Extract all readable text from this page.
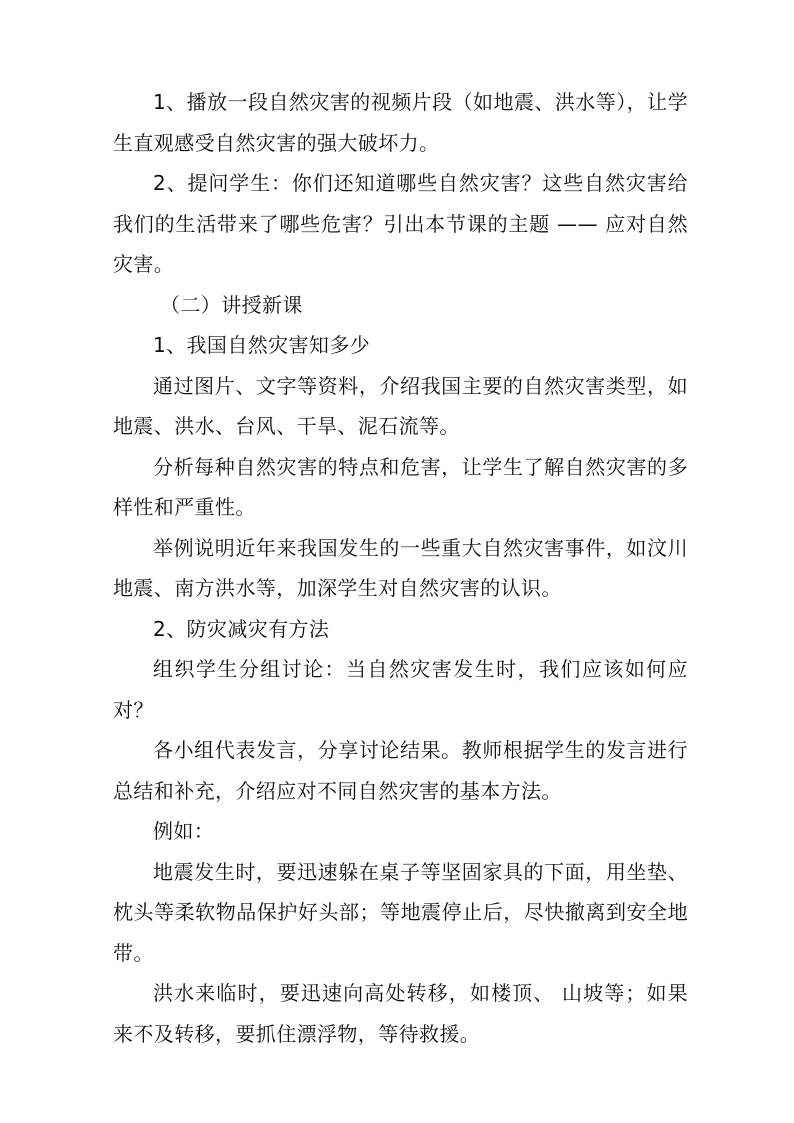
1、播放一段自然灾害的视频片段（如地震、洪水等），让学生直观感受自然灾害的强大破坏力。

2、提问学生：你们还知道哪些自然灾害？这些自然灾害给我们的生活带来了哪些危害？引出本节课的主题 —— 应对自然灾害。

（二）讲授新课

1、我国自然灾害知多少

通过图片、文字等资料，介绍我国主要的自然灾害类型，如地震、洪水、台风、干旱、泥石流等。

分析每种自然灾害的特点和危害，让学生了解自然灾害的多样性和严重性。

举例说明近年来我国发生的一些重大自然灾害事件，如汶川地震、南方洪水等，加深学生对自然灾害的认识。

2、防灾减灾有方法

组织学生分组讨论：当自然灾害发生时，我们应该如何应对？

各小组代表发言，分享讨论结果。教师根据学生的发言进行总结和补充，介绍应对不同自然灾害的基本方法。

例如：

地震发生时，要迅速躲在桌子等坚固家具的下面，用坐垫、枕头等柔软物品保护好头部；等地震停止后，尽快撤离到安全地带。

洪水来临时，要迅速向高处转移，如楼顶、 山坡等；如果来不及转移，要抓住漂浮物，等待救援。
